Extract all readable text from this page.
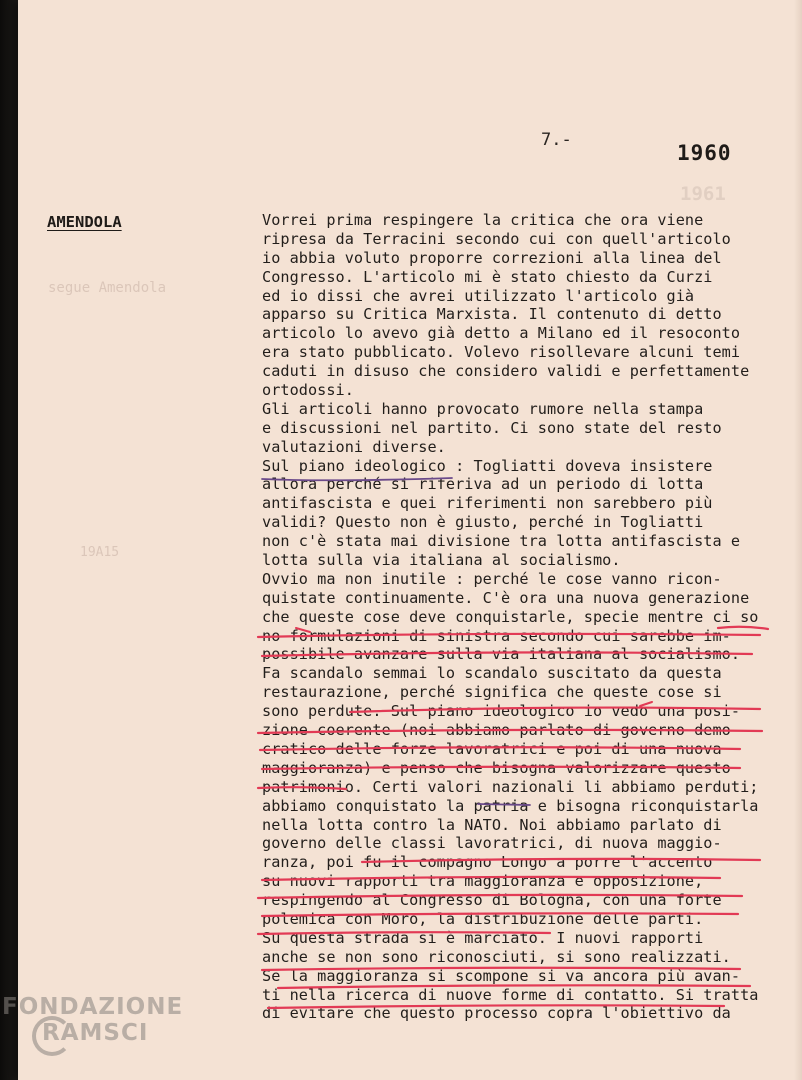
1961
segue Amendola
19A15
7.-
1960
AMENDOLA	Vorrei prima respingere la critica che ora viene
ripresa da Terracini secondo cui con quell'articolo
io abbia voluto proporre correzioni alla linea del
Congresso. L'articolo mi è stato chiesto da Curzi
ed io dissi che avrei utilizzato l'articolo già
apparso su Critica Marxista. Il contenuto di detto
articolo lo avevo già detto a Milano ed il resoconto
era stato pubblicato. Volevo risollevare alcuni temi
caduti in disuso che considero validi e perfettamente
ortodossi.
Gli articoli hanno provocato rumore nella stampa
e discussioni nel partito. Ci sono state del resto
valutazioni diverse.
Sul piano ideologico : Togliatti doveva insistere
allora perché si riferiva ad un periodo di lotta
antifascista e quei riferimenti non sarebbero più
validi? Questo non è giusto, perché in Togliatti
non c'è stata mai divisione tra lotta antifascista e
lotta sulla via italiana al socialismo.
Ovvio ma non inutile : perché le cose vanno ricon-
quistate continuamente. C'è ora una nuova generazione
che queste cose deve conquistarle, specie mentre ci so
no formulazioni di sinistra secondo cui sarebbe im-
possibile avanzare sulla via italiana al socialismo.
Fa scandalo semmai lo scandalo suscitato da questa
restaurazione, perché significa che queste cose si
sono perdute. Sul piano ideologico io vedo una posi-
zione coerente (noi abbiamo parlato di governo demo-
cratico delle forze lavoratrici e poi di una nuova
maggioranza) e penso che bisogna valorizzare questo
patrimonio. Certi valori nazionali li abbiamo perduti;
abbiamo conquistato la patria e bisogna riconquistarla
nella lotta contro la NATO. Noi abbiamo parlato di
governo delle classi lavoratrici, di nuova maggio-
ranza, poi fu il compagno Longo a porre l'accento
su nuovi rapporti tra maggioranza e opposizione,
respingendo al Congresso di Bologna, con una forte
polemica con Moro, la distribuzione delle parti.
Su questa strada si è marciato. I nuovi rapporti
anche se non sono riconosciuti, si sono realizzati.
Se la maggioranza si scompone si va ancora più avan-
ti nella ricerca di nuove forme di contatto. Si tratta
di evitare che questo processo copra l'obiettivo da
FONDAZIONE
RAMSCI
